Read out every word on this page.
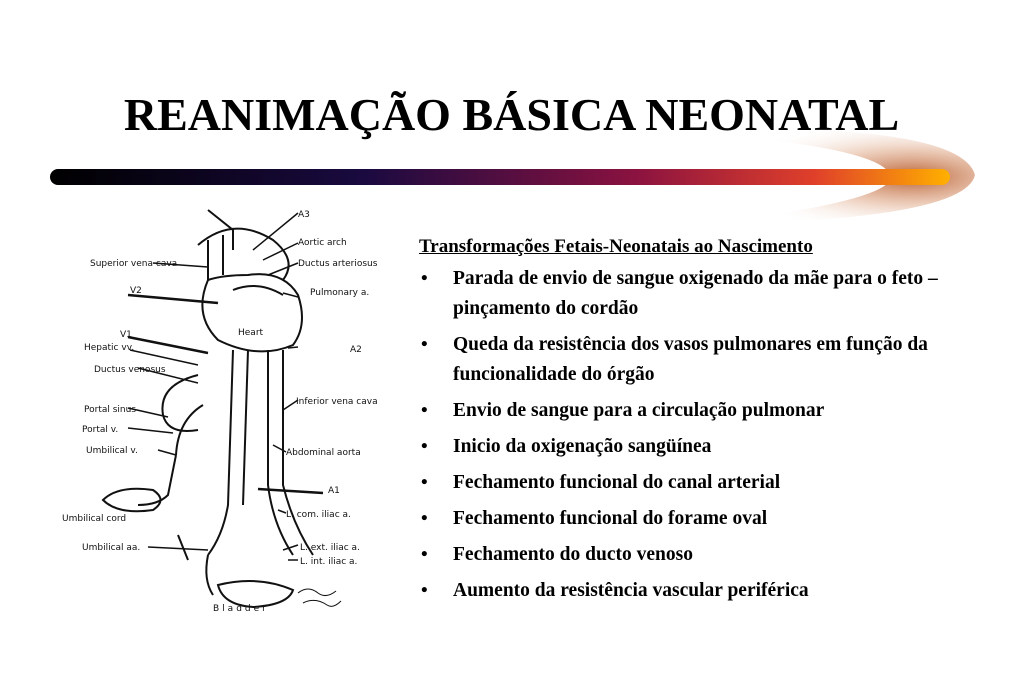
REANIMAÇÃO BÁSICA NEONATAL
A3
Aortic arch
Superior vena cava	Ductus arteriosus
V2	Pulmonary a.
Heart
V1
Hepatic vv.	A2
Ductus venosus
Inferior vena cava
Portal sinus
Portal v.
Umbilical v.	Abdominal aorta
A1
Umbilical cord	L. com. iliac a.
Umbilical aa.	L. ext. iliac a.
L. int. iliac a.
Bladder
Transformações Fetais-Neonatais ao Nascimento
• Parada de envio de sangue oxigenado da mãe para o feto – pinçamento do cordão
• Queda da resistência dos vasos pulmonares em função da funcionalidade do órgão
• Envio de sangue para a circulação pulmonar
• Inicio da oxigenação sangüínea
• Fechamento funcional do canal arterial
• Fechamento funcional do forame oval
• Fechamento do ducto venoso
• Aumento da resistência vascular periférica
